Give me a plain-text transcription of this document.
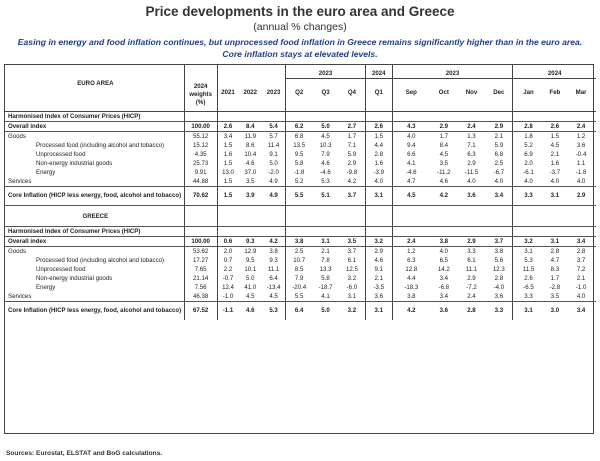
Price developments in the euro area and Greece
(annual % changes)
Easing in energy and food inflation continues, but unprocessed food inflation in Greece remains significantly higher than in the euro area. Core inflation stays at elevated levels.

					2023			2024	2023				2024		
EURO AREA	2024 weights (%)														
		2021	2022	2023	Q2	Q3	Q4	Q1	Sep	Oct	Nov	Dec	Jan	Feb	Mar

Harmonised Index of Consumer Prices (HICP)															
Overall index	100.00	2.6	8.4	5.4	6.2	5.0	2.7	2.6	4.3	2.9	2.4	2.9	2.8	2.6	2.4
Goods	55.12	3.4	11.9	5.7	6.8	4.5	1.7	1.5	4.0	1.7	1.3	2.1	1.8	1.5	1.2
Processed food (including alcohol and tobacco)	15.12	1.5	8.6	11.4	13.5	10.3	7.1	4.4	9.4	8.4	7.1	5.9	5.2	4.5	3.6
Unprocessed food	4.35	1.6	10.4	9.1	9.5	7.9	5.9	2.8	6.6	4.5	6.3	6.8	6.9	2.1	-0.4
Non-energy industrial goods	25.73	1.5	4.6	5.0	5.8	4.6	2.9	1.6	4.1	3.5	2.9	2.5	2.0	1.6	1.1
Energy	9.91	13.0	37.0	-2.0	-1.8	-4.6	-9.8	-3.9	-4.6	-11.2	-11.5	-6.7	-6.1	-3.7	-1.8
Services	44.88	1.5	3.5	4.9	5.2	5.3	4.2	4.0	4.7	4.6	4.0	4.0	4.0	4.0	4.0
Core Inflation (HICP less energy, food, alcohol and tobacco)	70.62	1.5	3.9	4.9	5.5	5.1	3.7	3.1	4.5	4.2	3.6	3.4	3.3	3.1	2.9
GREECE															
Harmonised Index of Consumer Prices (HICP)															
Overall index	100.00	0.6	9.3	4.2	3.8	3.1	3.5	3.2	2.4	3.8	2.9	3.7	3.2	3.1	3.4
Goods	53.62	2.0	12.9	3.8	2.5	2.1	3.7	2.9	1.2	4.0	3.3	3.8	3.1	2.8	2.8
Processed food (including alcohol and tobacco)	17.27	0.7	9.5	9.3	10.7	7.8	6.1	4.6	6.3	6.5	6.1	5.6	5.3	4.7	3.7
Unprocessed food	7.65	2.2	10.1	11.1	8.5	13.3	12.5	9.1	12.8	14.2	11.1	12.3	11.5	8.3	7.2
Non-energy industrial goods	21.14	-0.7	5.0	6.4	7.9	5.8	3.2	2.1	4.4	3.4	2.9	2.8	2.6	1.7	2.1
Energy	7.56	12.4	41.0	-13.4	-20.4	-18.7	-6.0	-3.5	-18.3	-6.8	-7.2	-4.0	-6.5	-2.8	-1.0
Services	46.38	-1.0	4.5	4.5	5.5	4.1	3.1	3.6	3.8	3.4	2.4	3.6	3.3	3.5	4.0
Core Inflation (HICP less energy, food, alcohol and tobacco)	67.52	-1.1	4.6	5.3	6.4	5.0	3.2	3.1	4.2	3.6	2.8	3.3	3.1	3.0	3.4
Sources: Eurostat, ELSTAT and BoG calculations.
